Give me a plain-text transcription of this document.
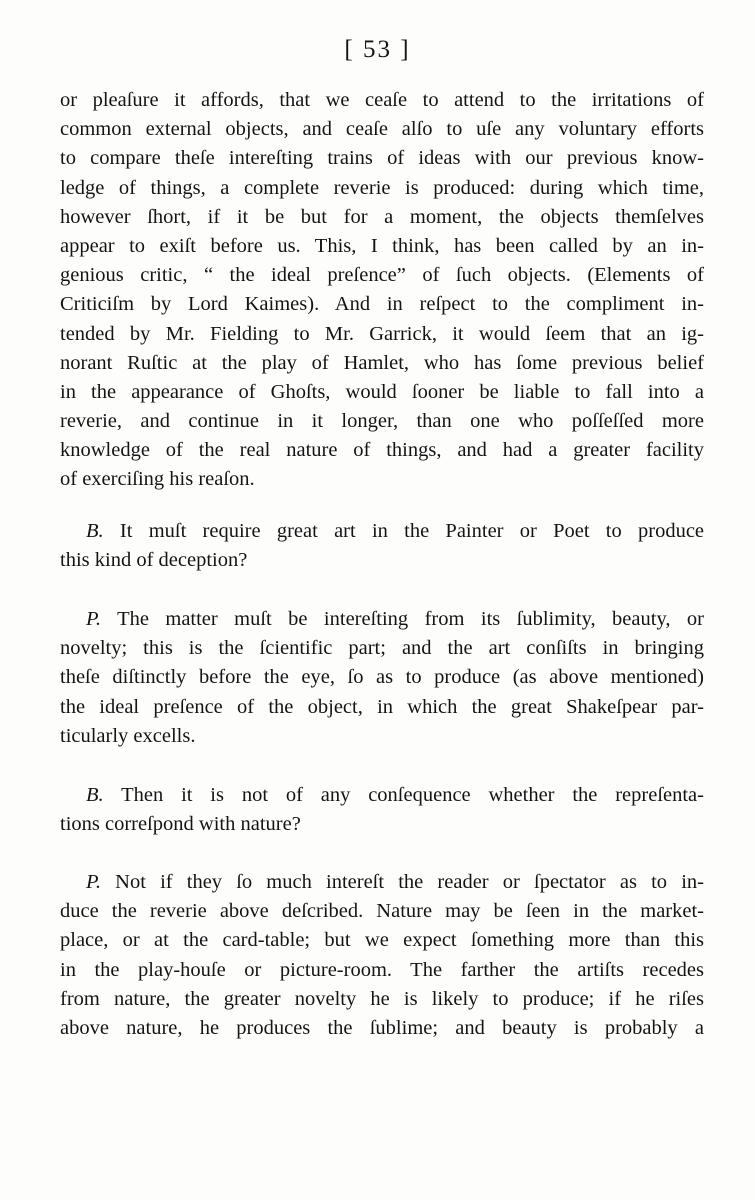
[ 53 ]

or pleaſure it affords, that we ceaſe to attend to the irritations of
common external objects, and ceaſe alſo to uſe any voluntary efforts
to compare theſe intereſting trains of ideas with our previous know-
ledge of things, a complete reverie is produced: during which time,
however ſhort, if it be but for a moment, the objects themſelves
appear to exiſt before us. This, I think, has been called by an in-
genious critic, “ the ideal preſence” of ſuch objects. (Elements of
Criticiſm by Lord Kaimes). And in reſpect to the compliment in-
tended by Mr. Fielding to Mr. Garrick, it would ſeem that an ig-
norant Ruſtic at the play of Hamlet, who has ſome previous belief
in the appearance of Ghoſts, would ſooner be liable to fall into a
reverie, and continue in it longer, than one who poſſeſſed more
knowledge of the real nature of things, and had a greater facility
of exerciſing his reaſon.

B. It muſt require great art in the Painter or Poet to produce
this kind of deception?

P. The matter muſt be intereſting from its ſublimity, beauty, or
novelty; this is the ſcientific part; and the art conſiſts in bringing
theſe diſtinctly before the eye, ſo as to produce (as above mentioned)
the ideal preſence of the object, in which the great Shakeſpear par-
ticularly excells.

B. Then it is not of any conſequence whether the repreſenta-
tions correſpond with nature?

P. Not if they ſo much intereſt the reader or ſpectator as to in-
duce the reverie above deſcribed. Nature may be ſeen in the market-
place, or at the card-table; but we expect ſomething more than this
in the play-houſe or picture-room. The farther the artiſts recedes
from nature, the greater novelty he is likely to produce; if he riſes
above nature, he produces the ſublime; and beauty is probably a
